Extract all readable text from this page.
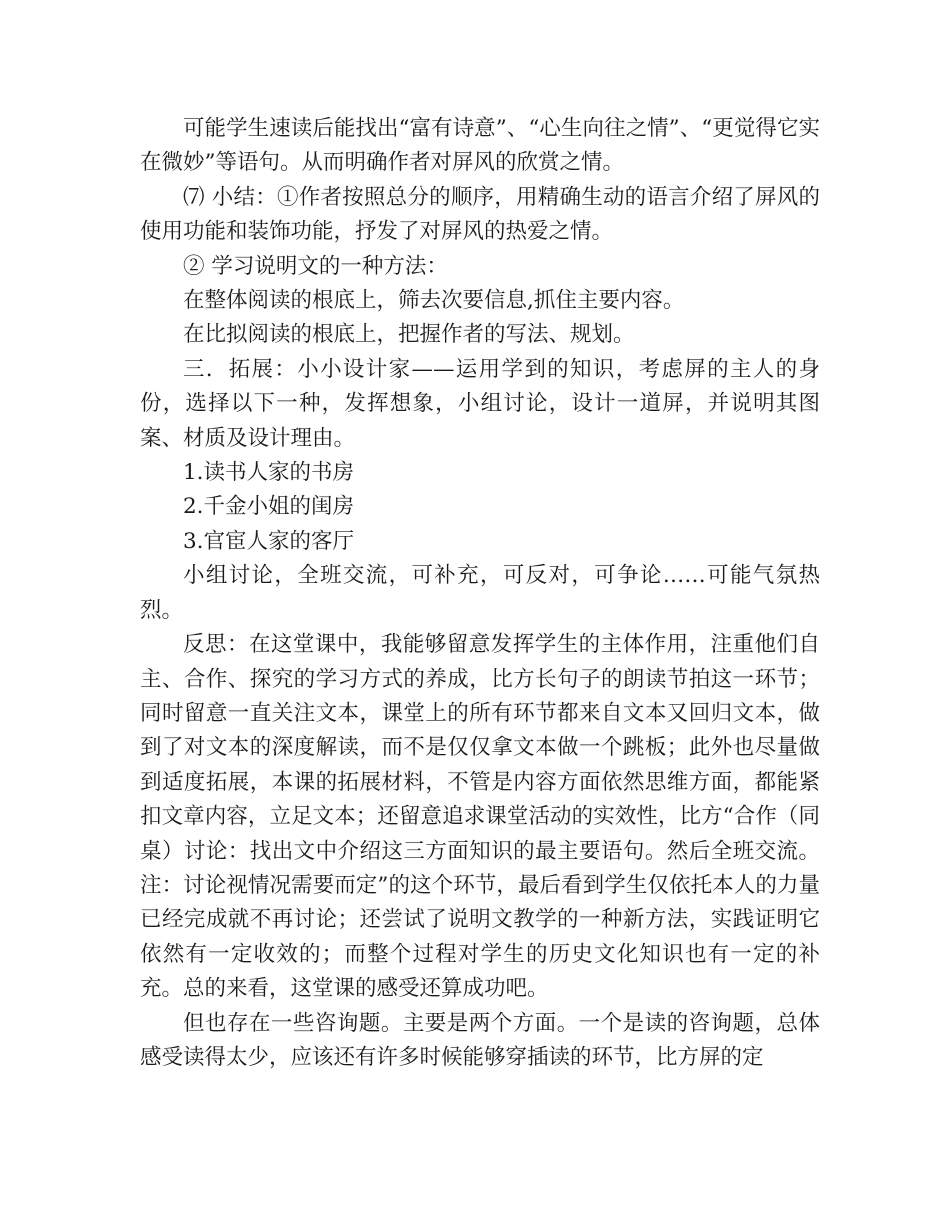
可能学生速读后能找出“富有诗意”、“心生向往之情”、“更觉得它实在微妙”等语句。从而明确作者对屏风的欣赏之情。

⑺ 小结：①作者按照总分的顺序，用精确生动的语言介绍了屏风的使用功能和装饰功能，抒发了对屏风的热爱之情。

② 学习说明文的一种方法：

在整体阅读的根底上，筛去次要信息,抓住主要内容。

在比拟阅读的根底上，把握作者的写法、规划。

三．拓展：小小设计家——运用学到的知识，考虑屏的主人的身份，选择以下一种，发挥想象，小组讨论，设计一道屏，并说明其图案、材质及设计理由。

1.读书人家的书房

2.千金小姐的闺房

3.官宦人家的客厅

小组讨论，全班交流，可补充，可反对，可争论……可能气氛热烈。

反思：在这堂课中，我能够留意发挥学生的主体作用，注重他们自主、合作、探究的学习方式的养成，比方长句子的朗读节拍这一环节；同时留意一直关注文本，课堂上的所有环节都来自文本又回归文本，做到了对文本的深度解读，而不是仅仅拿文本做一个跳板；此外也尽量做到适度拓展，本课的拓展材料，不管是内容方面依然思维方面，都能紧扣文章内容，立足文本；还留意追求课堂活动的实效性，比方“合作（同桌）讨论：找出文中介绍这三方面知识的最主要语句。然后全班交流。注：讨论视情况需要而定”的这个环节，最后看到学生仅依托本人的力量已经完成就不再讨论；还尝试了说明文教学的一种新方法，实践证明它依然有一定收效的；而整个过程对学生的历史文化知识也有一定的补充。总的来看，这堂课的感受还算成功吧。

但也存在一些咨询题。主要是两个方面。一个是读的咨询题，总体感受读得太少，应该还有许多时候能够穿插读的环节，比方屏的定
